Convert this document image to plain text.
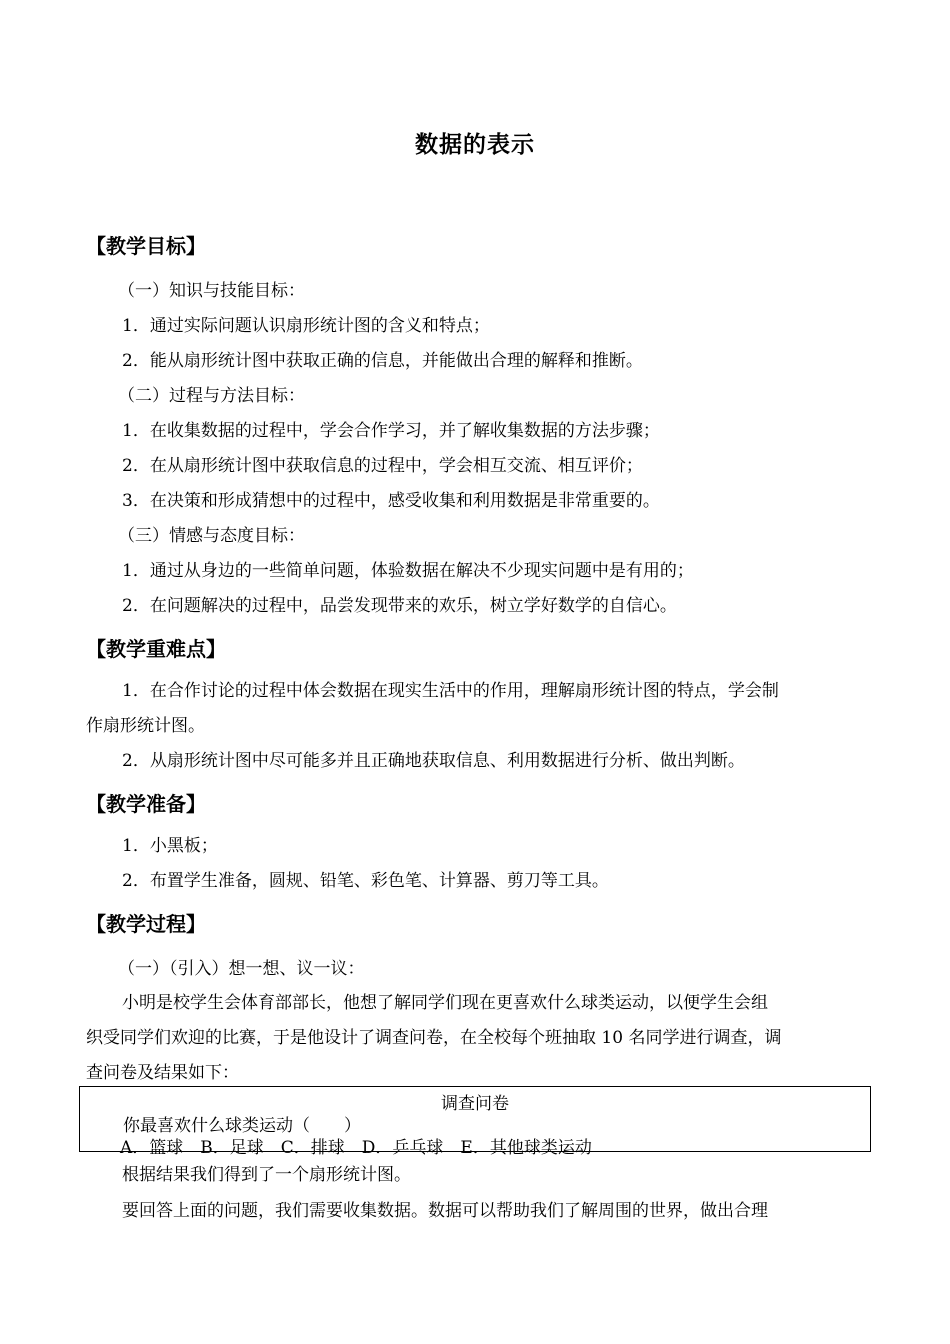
数据的表示
【教学目标】
（一）知识与技能目标：
1．通过实际问题认识扇形统计图的含义和特点；
2．能从扇形统计图中获取正确的信息，并能做出合理的解释和推断。
（二）过程与方法目标：
1．在收集数据的过程中，学会合作学习，并了解收集数据的方法步骤；
2．在从扇形统计图中获取信息的过程中，学会相互交流、相互评价；
3．在决策和形成猜想中的过程中，感受收集和利用数据是非常重要的。
（三）情感与态度目标：
1．通过从身边的一些简单问题，体验数据在解决不少现实问题中是有用的；
2．在问题解决的过程中，品尝发现带来的欢乐，树立学好数学的自信心。
【教学重难点】
1．在合作讨论的过程中体会数据在现实生活中的作用，理解扇形统计图的特点，学会制
作扇形统计图。
2．从扇形统计图中尽可能多并且正确地获取信息、利用数据进行分析、做出判断。
【教学准备】
1．小黑板；
2．布置学生准备，圆规、铅笔、彩色笔、计算器、剪刀等工具。
【教学过程】
（一）（引入）想一想、议一议：
小明是校学生会体育部部长，他想了解同学们现在更喜欢什么球类运动，以便学生会组
织受同学们欢迎的比赛，于是他设计了调查问卷，在全校每个班抽取 10 名同学进行调查，调
查问卷及结果如下：
调查问卷
你最喜欢什么球类运动（　　）
A．篮球　B．足球　C．排球　D．乒乓球　E．其他球类运动
根据结果我们得到了一个扇形统计图。
要回答上面的问题，我们需要收集数据。数据可以帮助我们了解周围的世界，做出合理
